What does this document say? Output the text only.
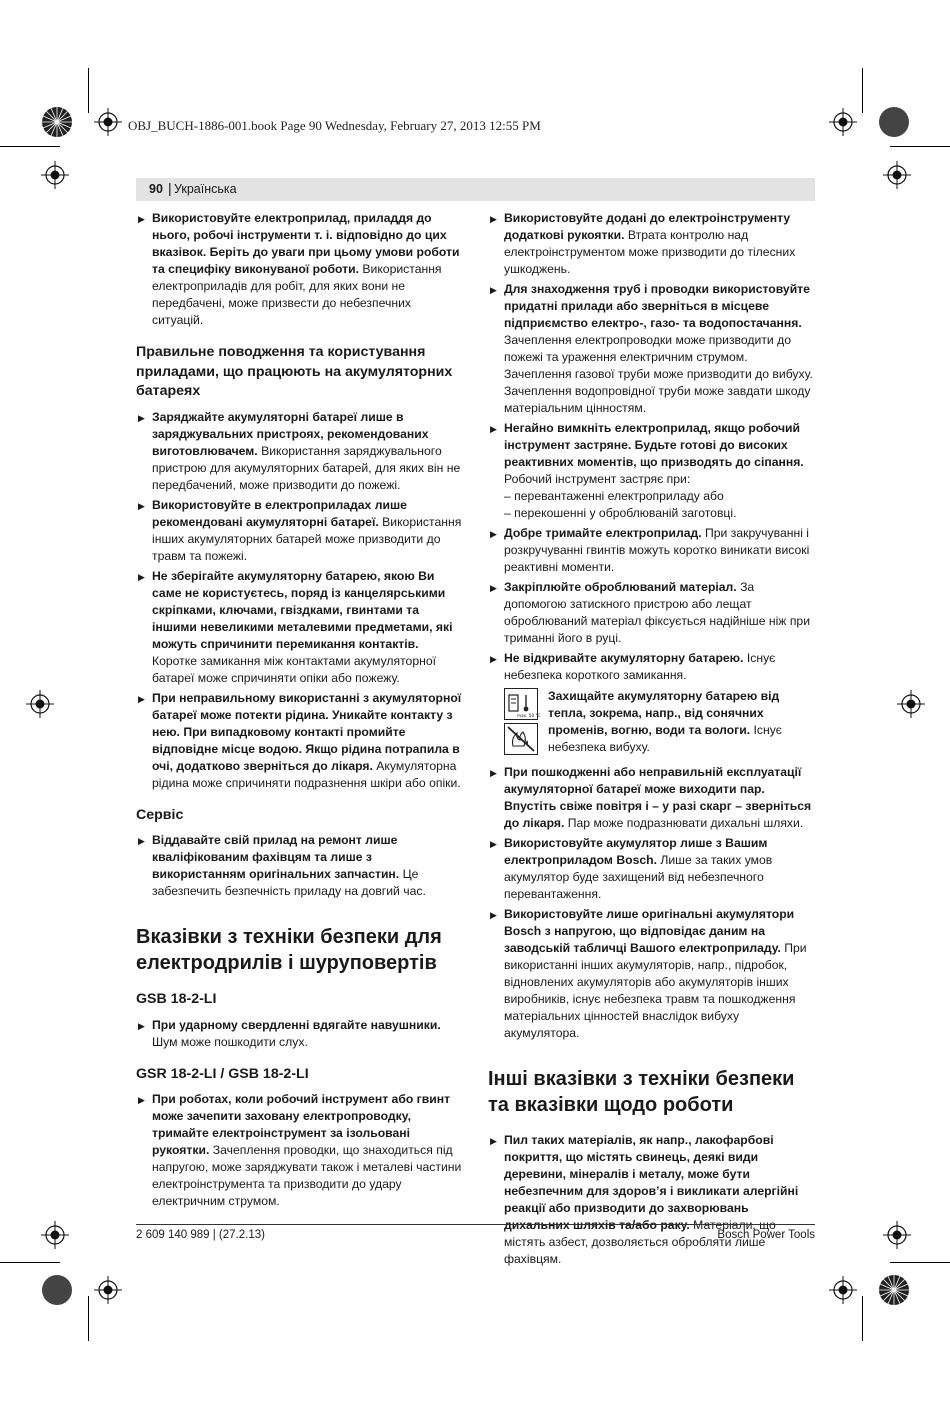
OBJ_BUCH-1886-001.book Page 90 Wednesday, February 27, 2013 12:55 PM
90 | Українська
▶ Використовуйте електроприлад, приладдя до нього, робочі інструменти т. і. відповідно до цих вказівок. Беріть до уваги при цьому умови роботи та специфіку виконуваної роботи. Використання електроприладів для робіт, для яких вони не передбачені, може призвести до небезпечних ситуацій.
Правильне поводження та користування приладами, що працюють на акумуляторних батареях
▶ Заряджайте акумуляторні батареї лише в заряджувальних пристроях, рекомендованих виготовлювачем. Використання заряджувального пристрою для акумуляторних батарей, для яких він не передбачений, може призводити до пожежі.
▶ Використовуйте в електроприладах лише рекомендовані акумуляторні батареї. Використання інших акумуляторних батарей може призводити до травм та пожежі.
▶ Не зберігайте акумуляторну батарею, якою Ви саме не користуєтесь, поряд із канцелярськими скріпками, ключами, гвіздками, гвинтами та іншими невеликими металевими предметами, які можуть спричинити перемикання контактів. Коротке замикання між контактами акумуляторної батареї може спричиняти опіки або пожежу.
▶ При неправильному використанні з акумуляторної батареї може потекти рідина. Уникайте контакту з нею. При випадковому контакті промийте відповідне місце водою. Якщо рідина потрапила в очі, додатково зверніться до лікаря. Акумуляторна рідина може спричиняти подразнення шкіри або опіки.
Сервіс
▶ Віддавайте свій прилад на ремонт лише кваліфікованим фахівцям та лише з використанням оригінальних запчастин. Це забезпечить безпечність приладу на довгий час.
Вказівки з техніки безпеки для електродрилів і шуруповертів
GSB 18-2-LI
▶ При ударному свердленні вдягайте навушники. Шум може пошкодити слух.
GSR 18-2-LI / GSB 18-2-LI
▶ При роботах, коли робочий інструмент або гвинт може зачепити заховану електропроводку, тримайте електроінструмент за ізольовані рукоятки. Зачеплення проводки, що знаходиться під напругою, може заряджувати також і металеві частини електроінструмента та призводити до удару електричним струмом.
▶ Використовуйте додані до електроінструменту додаткові рукоятки. Втрата контролю над електроінструментом може призводити до тілесних ушкоджень.
▶ Для знаходження труб і проводки використовуйте придатні прилади або зверніться в місцеве підприємство електро-, газо- та водопостачання. Зачеплення електропроводки може призводити до пожежі та ураження електричним струмом. Зачеплення газової труби може призводити до вибуху. Зачеплення водопровідної труби може завдати шкоду матеріальним цінностям.
▶ Негайно вимкніть електроприлад, якщо робочий інструмент застряне. Будьте готові до високих реактивних моментів, що призводять до сіпання. Робочий інструмент застряє при:
– перевантаженні електроприладу або
– перекошенні у оброблюваній заготовці.
▶ Добре тримайте електроприлад. При закручуванні і розкручуванні гвинтів можуть коротко виникати високі реактивні моменти.
▶ Закріплюйте оброблюваний матеріал. За допомогою затискного пристрою або лещат оброблюваний матеріал фіксується надійніше ніж при триманні його в руці.
▶ Не відкривайте акумуляторну батарею. Існує небезпека короткого замикання.
max. 50 °C
Захищайте акумуляторну батарею від тепла, зокрема, напр., від сонячних променів, вогню, води та вологи. Існує небезпека вибуху.
▶ При пошкодженні або неправильній експлуатації акумуляторної батареї може виходити пар. Впустіть свіже повітря і – у разі скарг – зверніться до лікаря. Пар може подразнювати дихальні шляхи.
▶ Використовуйте акумулятор лише з Вашим електроприладом Bosch. Лише за таких умов акумулятор буде захищений від небезпечного перевантаження.
▶ Використовуйте лише оригінальні акумулятори Bosch з напругою, що відповідає даним на заводській табличці Вашого електроприладу. При використанні інших акумуляторів, напр., підробок, відновлених акумуляторів або акумуляторів інших виробників, існує небезпека травм та пошкодження матеріальних цінностей внаслідок вибуху акумулятора.
Інші вказівки з техніки безпеки та вказівки щодо роботи
▶ Пил таких матеріалів, як напр., лакофарбові покриття, що містять свинець, деякі види деревини, мінералів і металу, може бути небезпечним для здоров’я і викликати алергійні реакції або призводити до захворювань дихальних шляхів та/або раку. Матеріали, що містять азбест, дозволяється обробляти лише фахівцям.
2 609 140 989 | (27.2.13)	Bosch Power Tools
